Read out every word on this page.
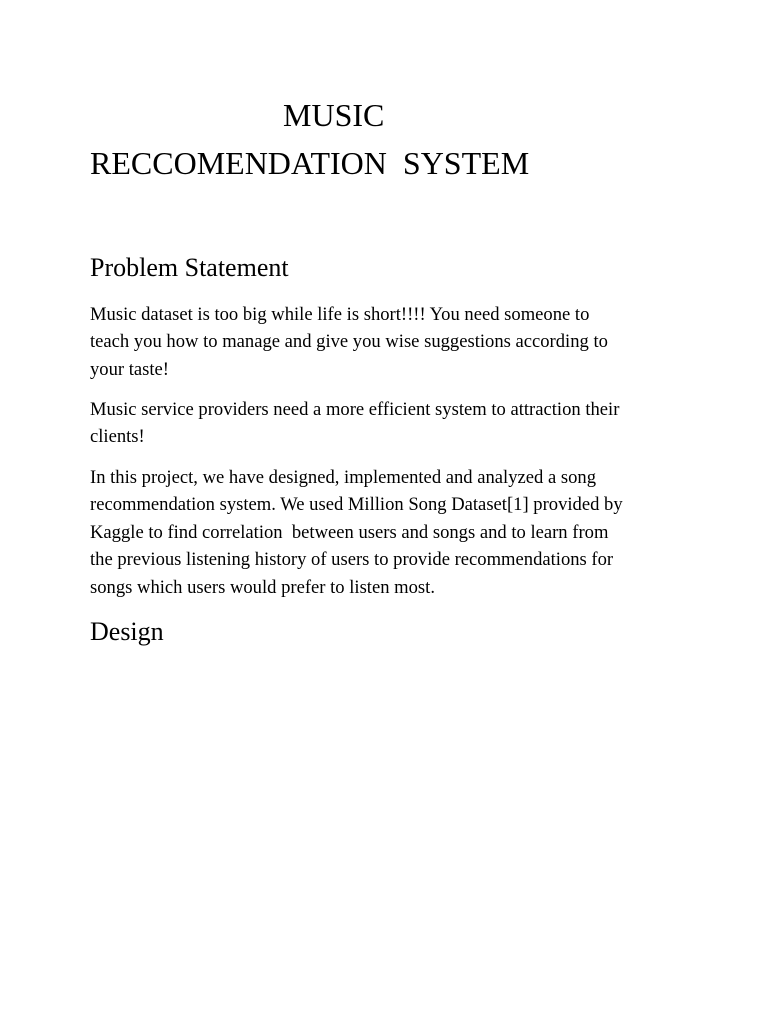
MUSIC
RECCOMENDATION  SYSTEM
Problem Statement
Music dataset is too big while life is short!!!! You need someone to
teach you how to manage and give you wise suggestions according to
your taste!
Music service providers need a more efficient system to attraction their
clients!
In this project, we have designed, implemented and analyzed a song
recommendation system. We used Million Song Dataset[1] provided by
Kaggle to find correlation  between users and songs and to learn from
the previous listening history of users to provide recommendations for
songs which users would prefer to listen most.
Design
